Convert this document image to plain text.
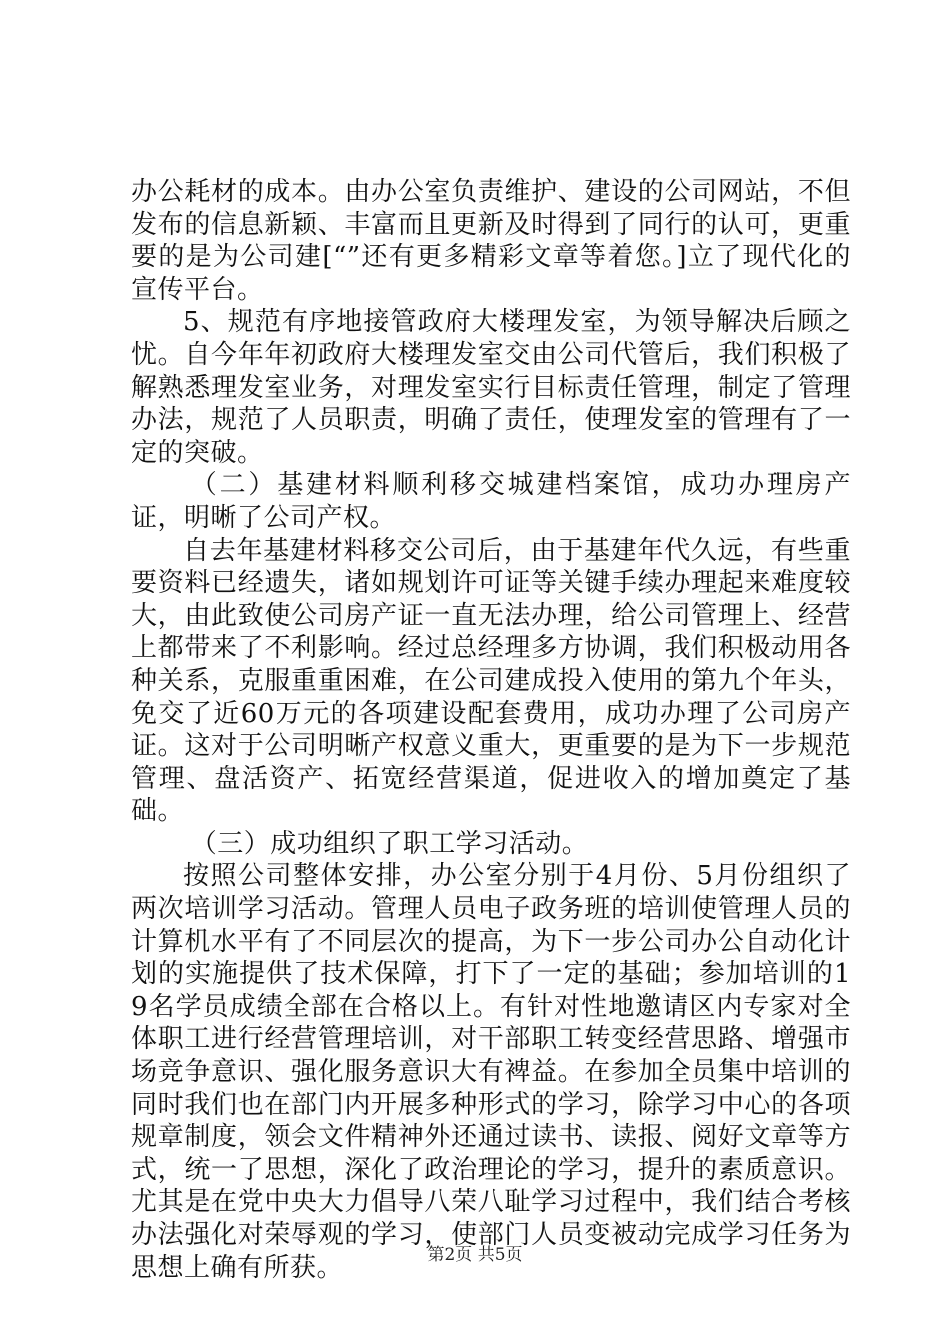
办公耗材的成本。由办公室负责维护、建设的公司网站，不但发布的信息新颖、丰富而且更新及时得到了同行的认可，更重要的是为公司建[“”还有更多精彩文章等着您。]立了现代化的宣传平台。

5、规范有序地接管政府大楼理发室，为领导解决后顾之忧。自今年年初政府大楼理发室交由公司代管后，我们积极了解熟悉理发室业务，对理发室实行目标责任管理，制定了管理办法，规范了人员职责，明确了责任，使理发室的管理有了一定的突破。

（二）基建材料顺利移交城建档案馆，成功办理房产证，明晰了公司产权。

自去年基建材料移交公司后，由于基建年代久远，有些重要资料已经遗失，诸如规划许可证等关键手续办理起来难度较大，由此致使公司房产证一直无法办理，给公司管理上、经营上都带来了不利影响。经过总经理多方协调，我们积极动用各种关系，克服重重困难，在公司建成投入使用的第九个年头，免交了近60万元的各项建设配套费用，成功办理了公司房产证。这对于公司明晰产权意义重大，更重要的是为下一步规范管理、盘活资产、拓宽经营渠道，促进收入的增加奠定了基础。

（三）成功组织了职工学习活动。

按照公司整体安排，办公室分别于4月份、5月份组织了两次培训学习活动。管理人员电子政务班的培训使管理人员的计算机水平有了不同层次的提高，为下一步公司办公自动化计划的实施提供了技术保障，打下了一定的基础；参加培训的19名学员成绩全部在合格以上。有针对性地邀请区内专家对全体职工进行经营管理培训，对干部职工转变经营思路、增强市场竞争意识、强化服务意识大有裨益。在参加全员集中培训的同时我们也在部门内开展多种形式的学习，除学习中心的各项规章制度，领会文件精神外还通过读书、读报、阅好文章等方式，统一了思想，深化了政治理论的学习，提升的素质意识。尤其是在党中央大力倡导八荣八耻学习过程中，我们结合考核办法强化对荣辱观的学习，使部门人员变被动完成学习任务为思想上确有所获。	第2页 共5页
